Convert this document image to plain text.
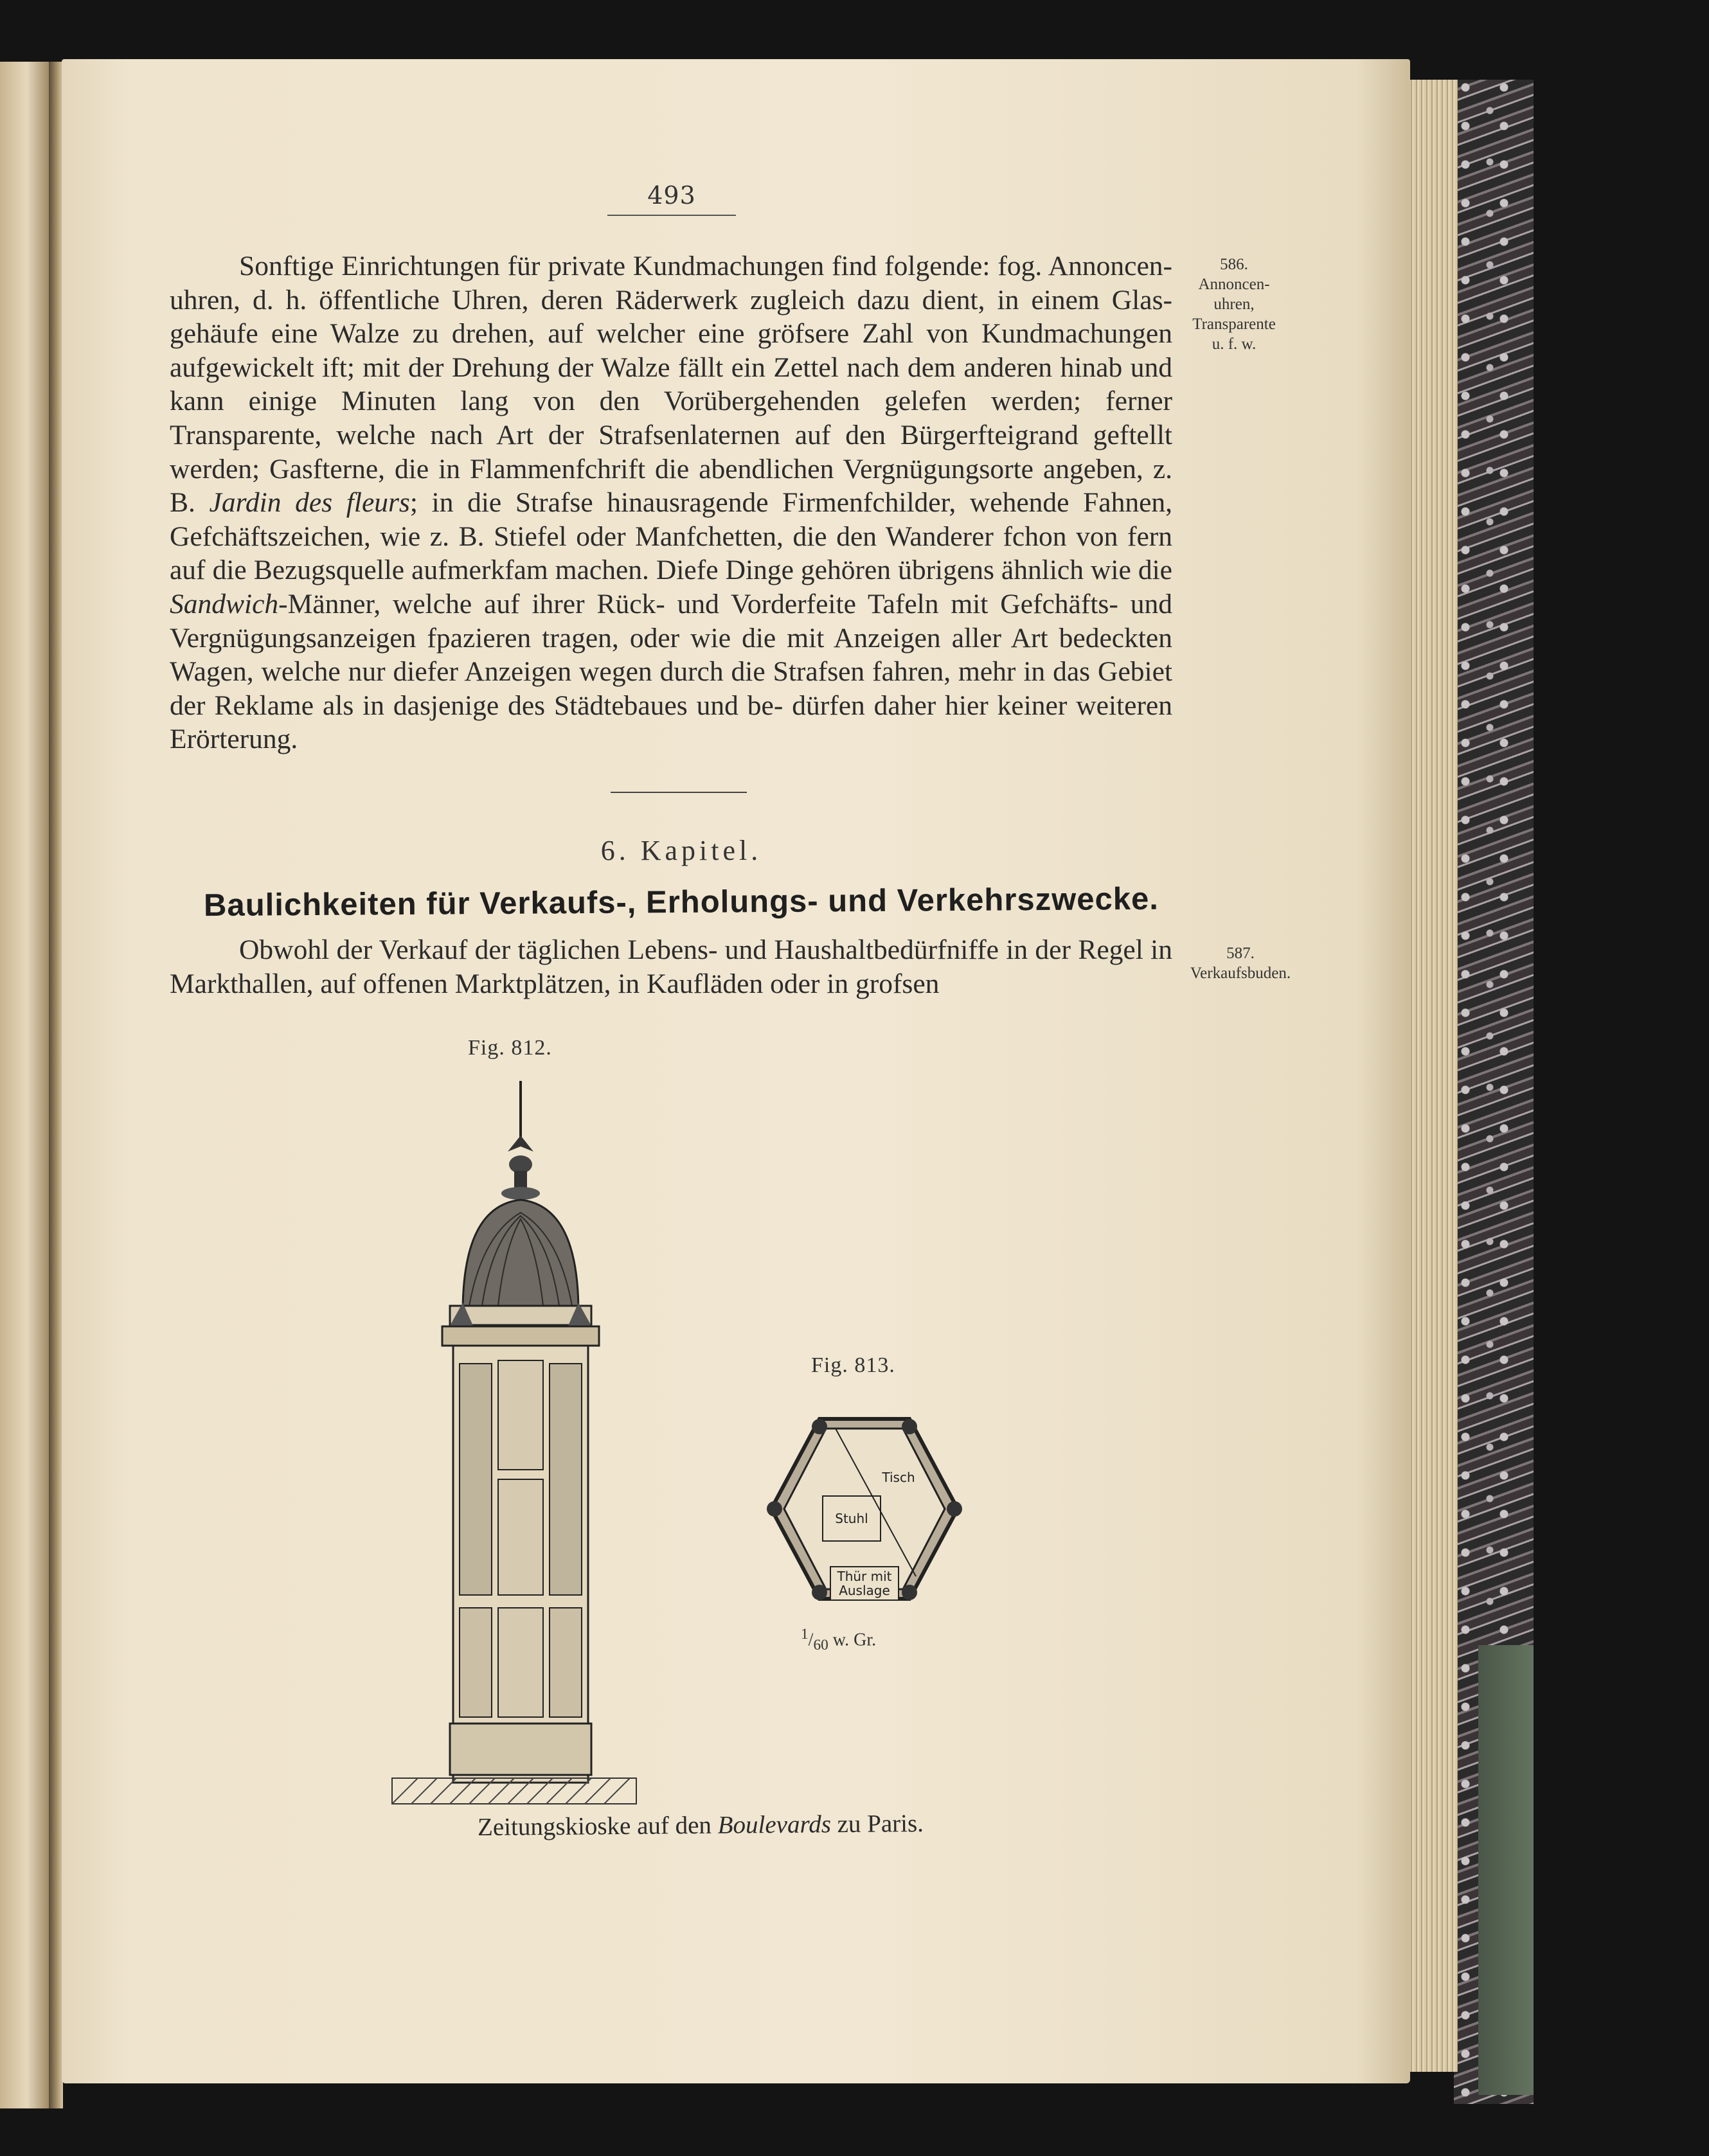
493

Sonftige Einrichtungen für private Kundmachungen find folgende: fog. Annoncen- uhren, d. h. öffentliche Uhren, deren Räderwerk zugleich dazu dient, in einem Glas- gehäufe eine Walze zu drehen, auf welcher eine gröfsere Zahl von Kundmachungen aufgewickelt ift; mit der Drehung der Walze fällt ein Zettel nach dem anderen hinab und kann einige Minuten lang von den Vorübergehenden gelefen werden; ferner Transparente, welche nach Art der Strafsenlaternen auf den Bürgerfteigrand geftellt werden; Gasfterne, die in Flammenfchrift die abendlichen Vergnügungsorte angeben, z. B. Jardin des fleurs; in die Strafse hinausragende Firmenfchilder, wehende Fahnen, Gefchäftszeichen, wie z. B. Stiefel oder Manfchetten, die den Wanderer fchon von fern auf die Bezugsquelle aufmerkfam machen. Diefe Dinge gehören übrigens ähnlich wie die Sandwich-Männer, welche auf ihrer Rück- und Vorderfeite Tafeln mit Gefchäfts- und Vergnügungsanzeigen fpazieren tragen, oder wie die mit Anzeigen aller Art bedeckten Wagen, welche nur diefer Anzeigen wegen durch die Strafsen fahren, mehr in das Gebiet der Reklame als in dasjenige des Städtebaues und be- dürfen daher hier keiner weiteren Erörterung.

586.
Annoncen-
uhren,
Transparente
u. f. w.
6. Kapitel.
Baulichkeiten für Verkaufs-, Erholungs- und Verkehrszwecke.

Obwohl der Verkauf der täglichen Lebens- und Haushaltbedürfniffe in der Regel in Markthallen, auf offenen Marktplätzen, in Kaufläden oder in grofsen

587.
Verkaufsbuden.
Fig. 812.
Fig. 813.
Tisch
Stuhl
Thür mit
Auslage
$^1/_{60}$ w. Gr.
Zeitungskioske auf den Boulevards zu Paris.
